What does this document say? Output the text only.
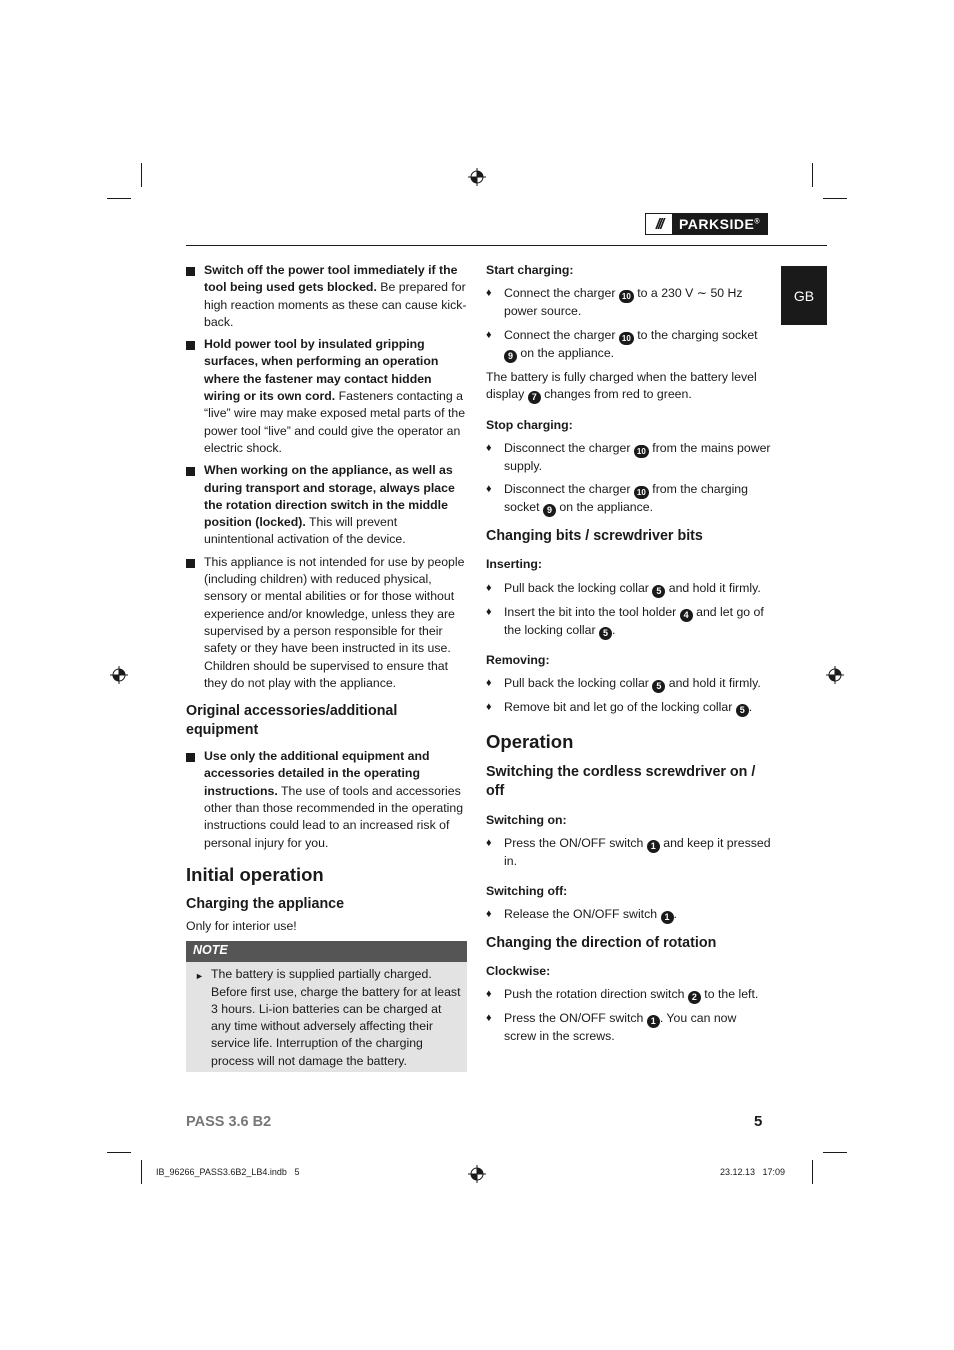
///	PARKSIDE®
GB
Switch off the power tool immediately if the tool being used gets blocked. Be prepared for high reaction moments as these can cause kick-back.
Hold power tool by insulated gripping surfaces, when performing an operation where the fastener may contact hidden wiring or its own cord. Fasteners contacting a “live” wire may make exposed metal parts of the power tool “live” and could give the operator an electric shock.
When working on the appliance, as well as during transport and storage, always place the rotation direction switch in the middle position (locked). This will prevent unintentional activation of the device.
This appliance is not intended for use by people (including children) with reduced physical, sensory or mental abilities or for those without experience and/or knowledge, unless they are supervised by a person responsible for their safety or they have been instructed in its use. Children should be supervised to ensure that they do not play with the appliance.
Original accessories/additional equipment
Use only the additional equipment and accessories detailed in the operating instructions. The use of tools and accessories other than those recommended in the operating instructions could lead to an increased risk of personal injury for you.
Initial operation
Charging the appliance
Only for interior use!
NOTE
► The battery is supplied partially charged. Before first use, charge the battery for at least 3 hours. Li-ion batteries can be charged at any time without adversely affecting their service life. Interruption of the charging process will not damage the battery.
Start charging:
♦ Connect the charger 10 to a 230 V ∼ 50 Hz power source.
♦ Connect the charger 10 to the charging socket 9 on the appliance.
The battery is fully charged when the battery level display 7 changes from red to green.
Stop charging:
♦ Disconnect the charger 10 from the mains power supply.
♦ Disconnect the charger 10 from the charging socket 9 on the appliance.
Changing bits / screwdriver bits
Inserting:
♦ Pull back the locking collar 5 and hold it firmly.
♦ Insert the bit into the tool holder 4 and let go of the locking collar 5 .
Removing:
♦ Pull back the locking collar 5 and hold it firmly.
♦ Remove bit and let go of the locking collar 5 .
Operation
Switching the cordless screwdriver on / off
Switching on:
♦ Press the ON/OFF switch 1 and keep it pressed in.
Switching off:
♦ Release the ON/OFF switch 1 .
Changing the direction of rotation
Clockwise:
♦ Push the rotation direction switch 2 to the left.
♦ Press the ON/OFF switch 1 . You can now screw in the screws.
PASS 3.6 B2	5
IB_96266_PASS3.6B2_LB4.indb   5	23.12.13   17:09
